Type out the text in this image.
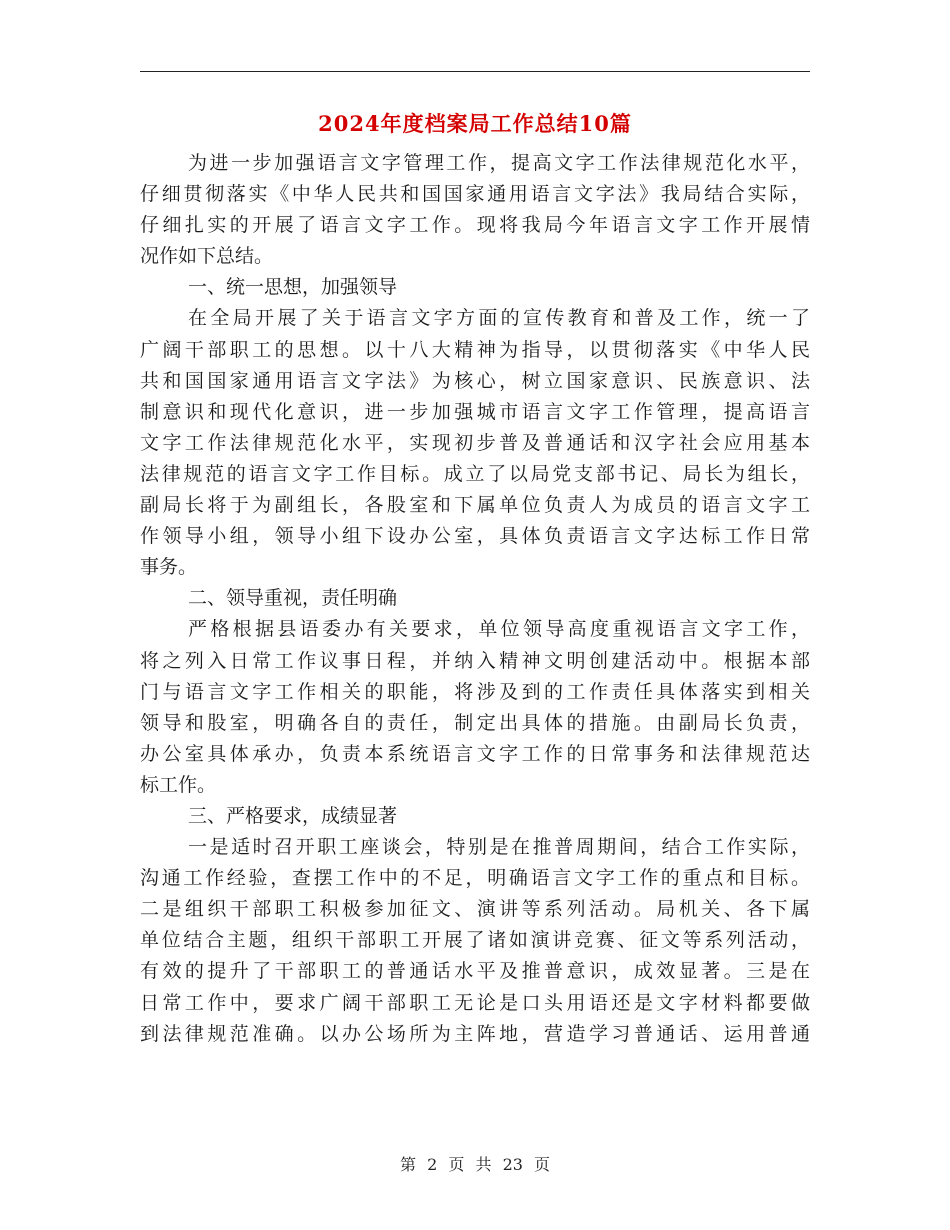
2024年度档案局工作总结10篇
为进一步加强语言文字管理工作，提高文字工作法律规范化水平，
仔细贯彻落实《中华人民共和国国家通用语言文字法》我局结合实际，
仔细扎实的开展了语言文字工作。现将我局今年语言文字工作开展情
况作如下总结。
一、统一思想，加强领导
在全局开展了关于语言文字方面的宣传教育和普及工作，统一了
广阔干部职工的思想。以十八大精神为指导，以贯彻落实《中华人民
共和国国家通用语言文字法》为核心，树立国家意识、民族意识、法
制意识和现代化意识，进一步加强城市语言文字工作管理，提高语言
文字工作法律规范化水平，实现初步普及普通话和汉字社会应用基本
法律规范的语言文字工作目标。成立了以局党支部书记、局长为组长，
副局长将于为副组长，各股室和下属单位负责人为成员的语言文字工
作领导小组，领导小组下设办公室，具体负责语言文字达标工作日常
事务。
二、领导重视，责任明确
严格根据县语委办有关要求，单位领导高度重视语言文字工作，
将之列入日常工作议事日程，并纳入精神文明创建活动中。根据本部
门与语言文字工作相关的职能，将涉及到的工作责任具体落实到相关
领导和股室，明确各自的责任，制定出具体的措施。由副局长负责，
办公室具体承办，负责本系统语言文字工作的日常事务和法律规范达
标工作。
三、严格要求，成绩显著
一是适时召开职工座谈会，特别是在推普周期间，结合工作实际，
沟通工作经验，查摆工作中的不足，明确语言文字工作的重点和目标。
二是组织干部职工积极参加征文、演讲等系列活动。局机关、各下属
单位结合主题，组织干部职工开展了诸如演讲竞赛、征文等系列活动，
有效的提升了干部职工的普通话水平及推普意识，成效显著。三是在
日常工作中，要求广阔干部职工无论是口头用语还是文字材料都要做
到法律规范准确。以办公场所为主阵地，营造学习普通话、运用普通
第 2 页 共 23 页
